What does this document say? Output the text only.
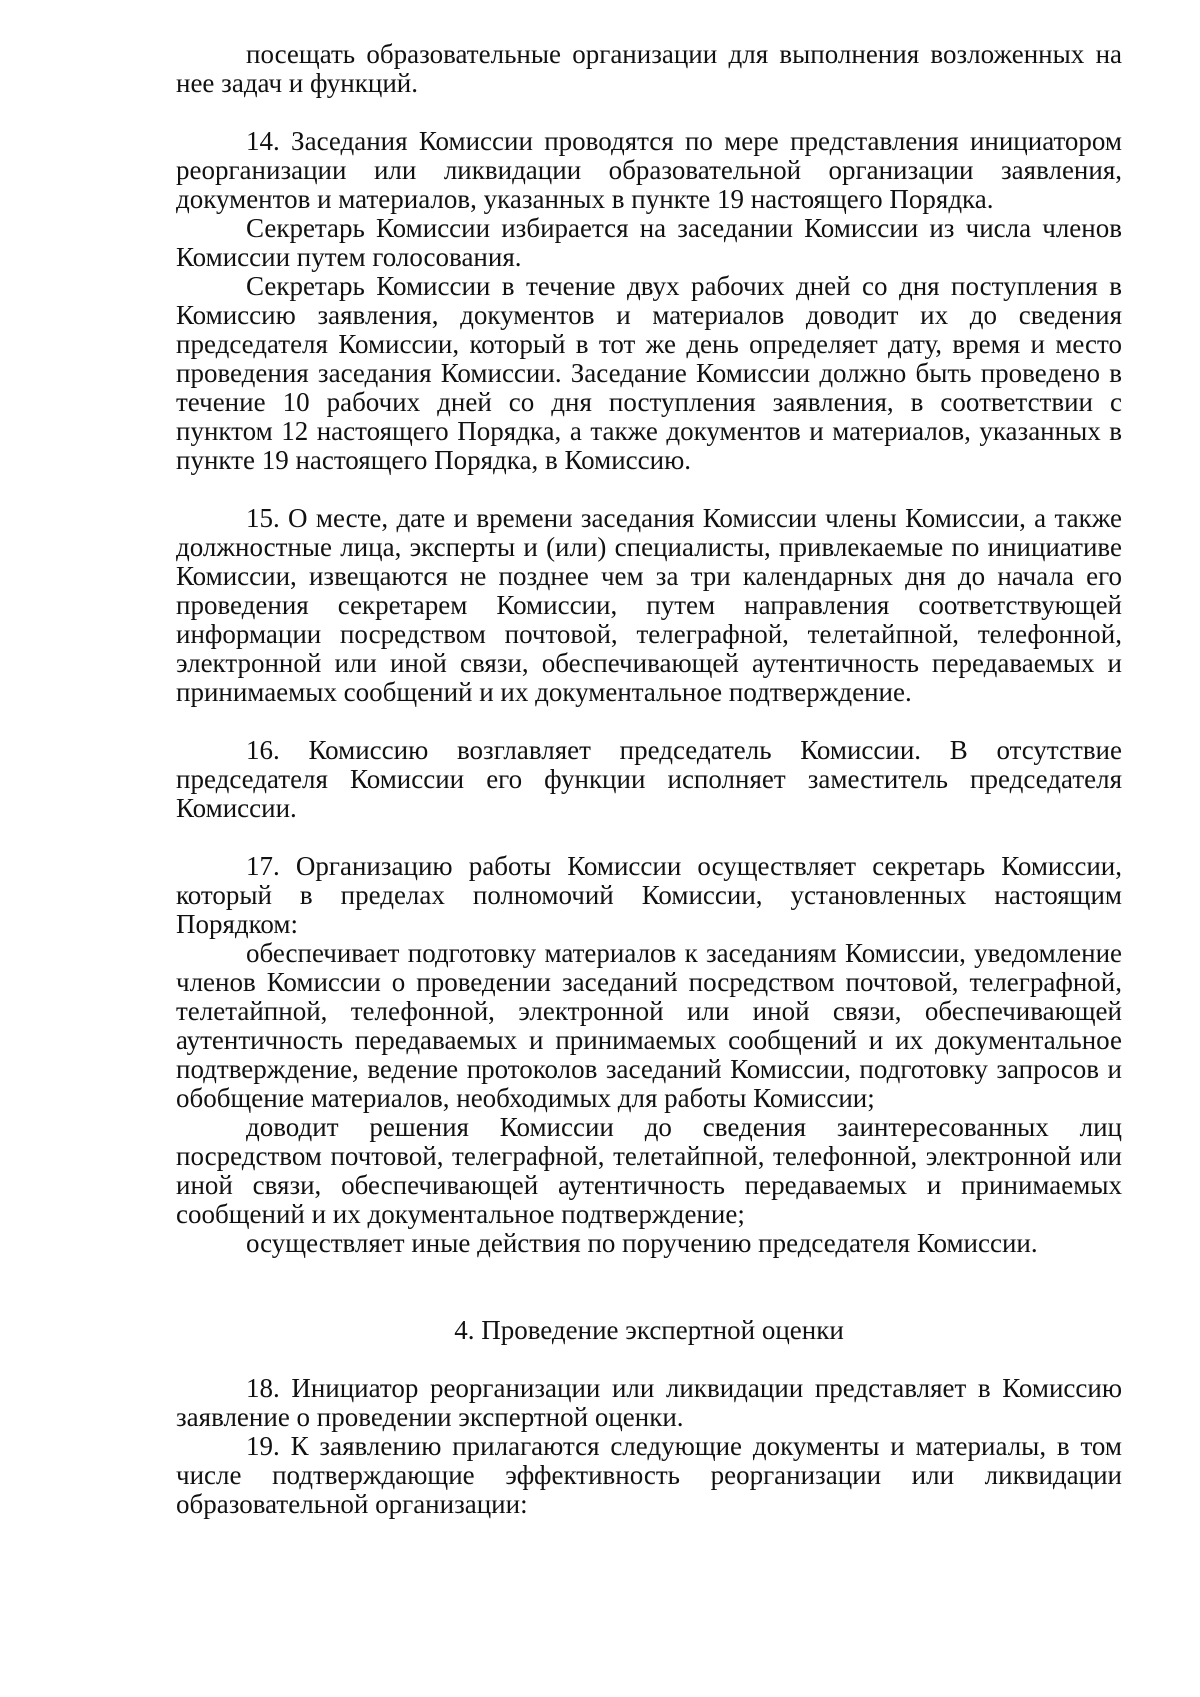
посещать образовательные организации для выполнения возложенных на нее задач и функций.

14. Заседания Комиссии проводятся по мере представления инициатором реорганизации или ликвидации образовательной организации заявления, документов и материалов, указанных в пункте 19 настоящего Порядка.

Секретарь Комиссии избирается на заседании Комиссии из числа членов Комиссии путем голосования.

Секретарь Комиссии в течение двух рабочих дней со дня поступления в Комиссию заявления, документов и материалов доводит их до сведения председателя Комиссии, который в тот же день определяет дату, время и место проведения заседания Комиссии. Заседание Комиссии должно быть проведено в течение 10 рабочих дней со дня поступления заявления, в соответствии с пунктом 12 настоящего Порядка, а также документов и материалов, указанных в пункте 19 настоящего Порядка, в Комиссию.

15. О месте, дате и времени заседания Комиссии члены Комиссии, а также должностные лица, эксперты и (или) специалисты, привлекаемые по инициативе Комиссии, извещаются не позднее чем за три календарных дня до начала его проведения секретарем Комиссии, путем направления соответствующей информации посредством почтовой, телеграфной, телетайпной, телефонной, электронной или иной связи, обеспечивающей аутентичность передаваемых и принимаемых сообщений и их документальное подтверждение.

16. Комиссию возглавляет председатель Комиссии. В отсутствие председателя Комиссии его функции исполняет заместитель председателя Комиссии.

17. Организацию работы Комиссии осуществляет секретарь Комиссии, который в пределах полномочий Комиссии, установленных настоящим Порядком:

обеспечивает подготовку материалов к заседаниям Комиссии, уведомление членов Комиссии о проведении заседаний посредством почтовой, телеграфной, телетайпной, телефонной, электронной или иной связи, обеспечивающей аутентичность передаваемых и принимаемых сообщений и их документальное подтверждение, ведение протоколов заседаний Комиссии, подготовку запросов и обобщение материалов, необходимых для работы Комиссии;

доводит решения Комиссии до сведения заинтересованных лиц посредством почтовой, телеграфной, телетайпной, телефонной, электронной или иной связи, обеспечивающей аутентичность передаваемых и принимаемых сообщений и их документальное подтверждение;

осуществляет иные действия по поручению председателя Комиссии.

4. Проведение экспертной оценки

18. Инициатор реорганизации или ликвидации представляет в Комиссию заявление о проведении экспертной оценки.

19. К заявлению прилагаются следующие документы и материалы, в том числе подтверждающие эффективность реорганизации или ликвидации образовательной организации:
